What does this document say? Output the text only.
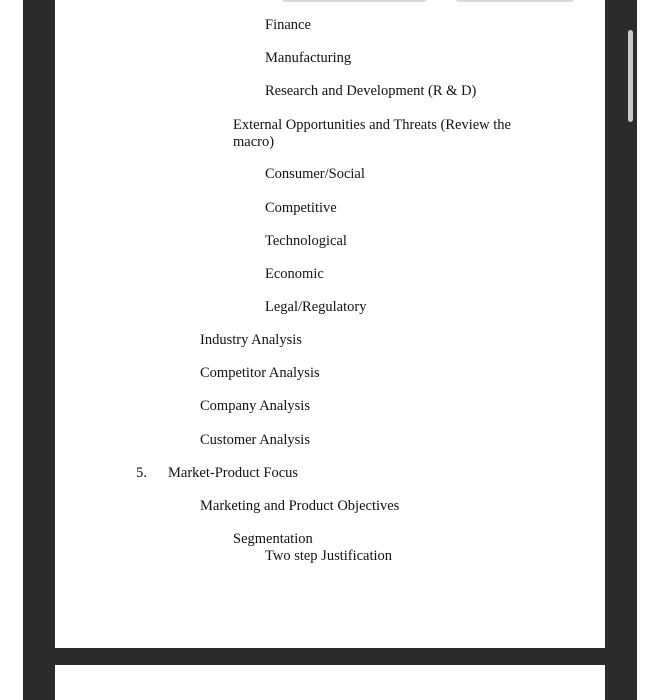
Finance
Manufacturing
Research and Development (R & D)
External Opportunities and Threats (Review the macro)
Consumer/Social
Competitive
Technological
Economic
Legal/Regulatory
Industry Analysis
Competitor Analysis
Company Analysis
Customer Analysis
5. Market-Product Focus
Marketing and Product Objectives
Segmentation
Two step Justification
